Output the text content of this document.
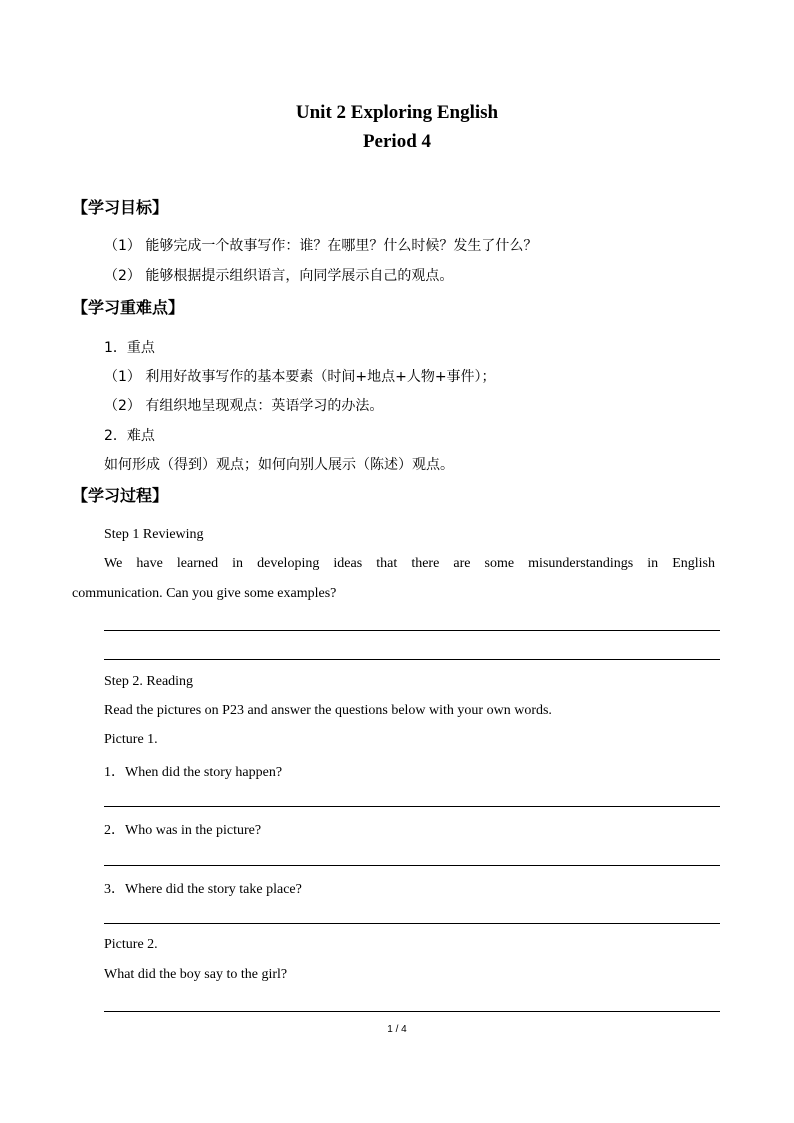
Unit 2 Exploring English
Period 4
【学习目标】
（1） 能够完成一个故事写作：谁？在哪里？什么时候？发生了什么？
（2） 能够根据提示组织语言，向同学展示自己的观点。
【学习重难点】
1．重点
（1） 利用好故事写作的基本要素（时间+地点+人物+事件）；
（2） 有组织地呈现观点：英语学习的办法。
2．难点
如何形成（得到）观点；如何向别人展示（陈述）观点。
【学习过程】
Step 1 Reviewing
We have learned in developing ideas that there are some misunderstandings in English
communication. Can you give some examples?
Step 2. Reading
Read the pictures on P23 and answer the questions below with your own words.
Picture 1.
1．When did the story happen?
2．Who was in the picture?
3．Where did the story take place?
Picture 2.
What did the boy say to the girl?
1 / 4
